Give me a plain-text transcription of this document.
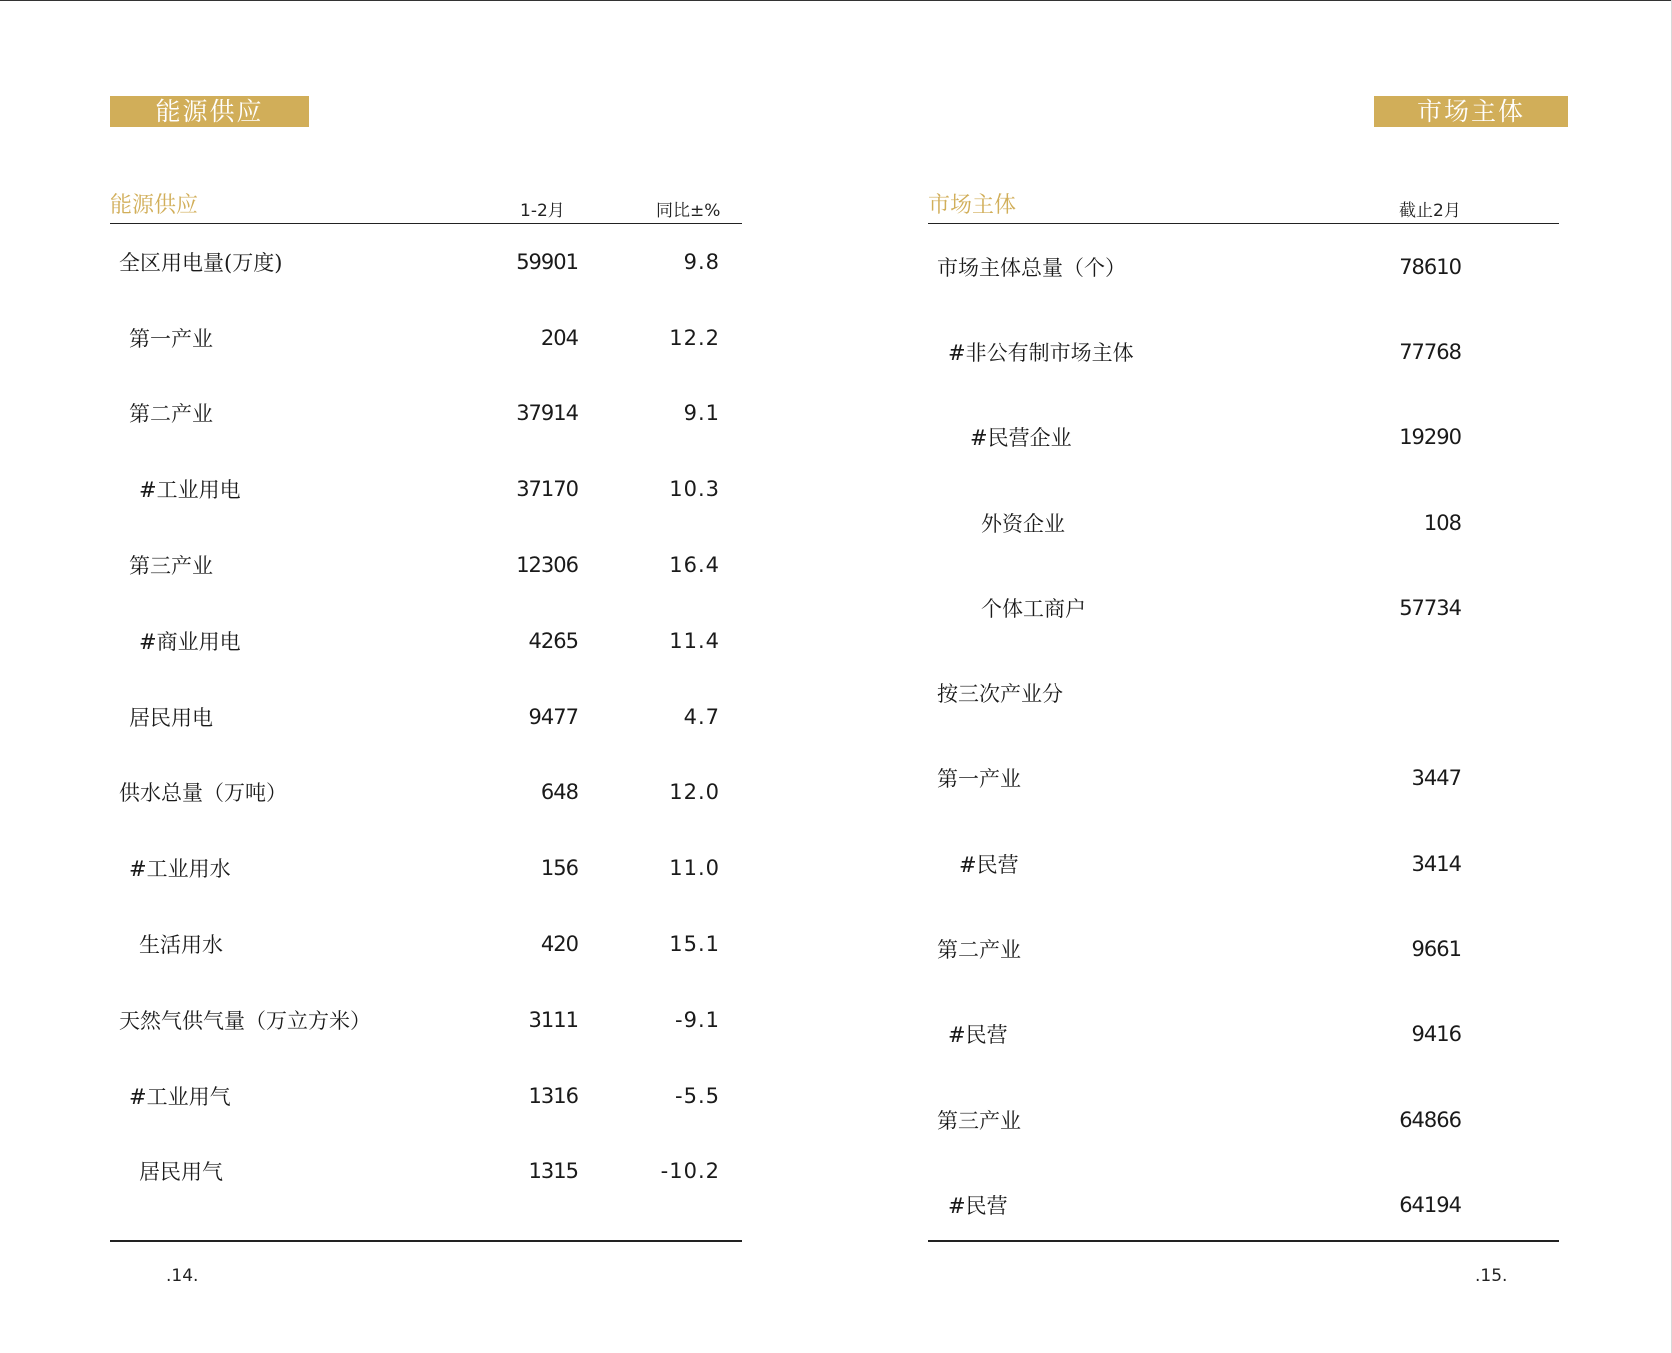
能源供应
能源供应	1-2月	同比±%
全区用电量(万度)	59901	9.8
第一产业	204	12.2
第二产业	37914	9.1
#工业用电	37170	10.3
第三产业	12306	16.4
#商业用电	4265	11.4
居民用电	9477	4.7
供水总量（万吨）	648	12.0
#工业用水	156	11.0
生活用水	420	15.1
天然气供气量（万立方米）	3111	-9.1
#工业用气	1316	-5.5
居民用气	1315	-10.2
.14.
市场主体
市场主体	截止2月
市场主体总量（个）	78610
#非公有制市场主体	77768
#民营企业	19290
外资企业	108
个体工商户	57734
按三次产业分
第一产业	3447
#民营	3414
第二产业	9661
#民营	9416
第三产业	64866
#民营	64194
.15.
